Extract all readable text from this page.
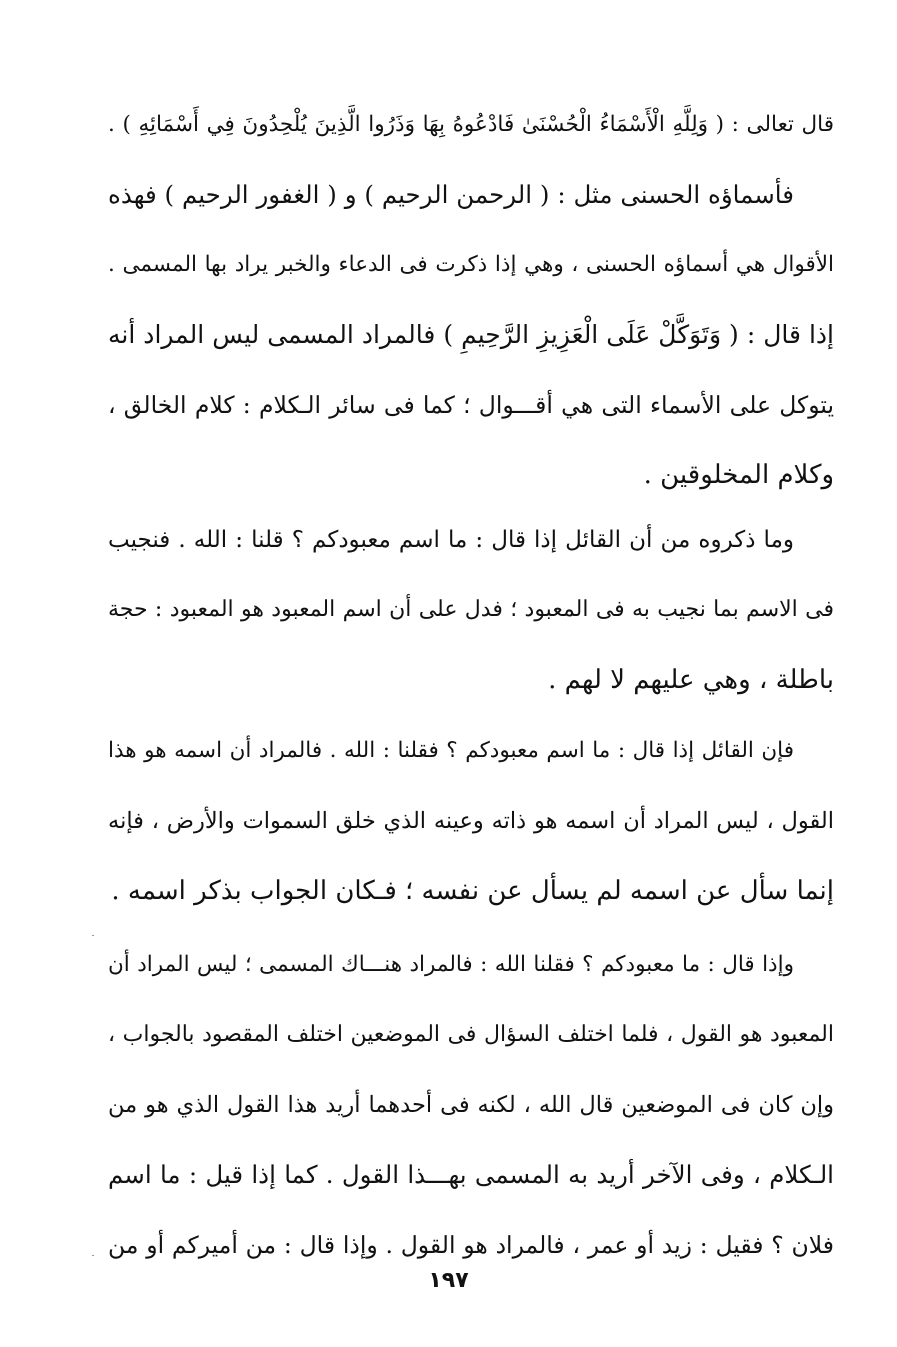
قال تعالى : ( وَلِلَّهِ الْأَسْمَاءُ الْحُسْنَىٰ فَادْعُوهُ بِهَا وَذَرُوا الَّذِينَ يُلْحِدُونَ فِي أَسْمَائِهِ ) .
فأسماؤه الحسنى مثل : ( الرحمن الرحيم ) و ( الغفور الرحيم ) فهذه
الأقوال هي أسماؤه الحسنى ، وهي إذا ذكرت فى الدعاء والخبر يراد بها المسمى .
إذا قال : ( وَتَوَكَّلْ عَلَى الْعَزِيزِ الرَّحِيمِ ) فالمراد المسمى ليس المراد أنه
يتوكل على الأسماء التى هي أقـــوال ؛ كما فى سائر الـكلام : كلام الخالق ،
وكلام المخلوقين .
وما ذكروه من أن القائل إذا قال : ما اسم معبودكم ؟ قلنا : الله . فنجيب
فى الاسم بما نجيب به فى المعبود ؛ فدل على أن اسم المعبود هو المعبود : حجة
باطلة ، وهي عليهم لا لهم .
فإن القائل إذا قال : ما اسم معبودكم ؟ فقلنا : الله . فالمراد أن اسمه هو هذا
القول ، ليس المراد أن اسمه هو ذاته وعينه الذي خلق السموات والأرض ، فإنه
إنما سأل عن اسمه لم يسأل عن نفسه ؛ فـكان الجواب بذكر اسمه .
وإذا قال : ما معبودكم ؟ فقلنا الله : فالمراد هنـــاك المسمى ؛ ليس المراد أن
المعبود هو القول ، فلما اختلف السؤال فى الموضعين اختلف المقصود بالجواب ،
وإن كان فى الموضعين قال الله ، لكنه فى أحدهما أريد هذا القول الذي هو من
الـكلام ، وفى الآخر أريد به المسمى بهـــذا القول . كما إذا قيل : ما اسم
فلان ؟ فقيل : زيد أو عمر ، فالمراد هو القول . وإذا قال : من أميركم أو من
١٩٧
